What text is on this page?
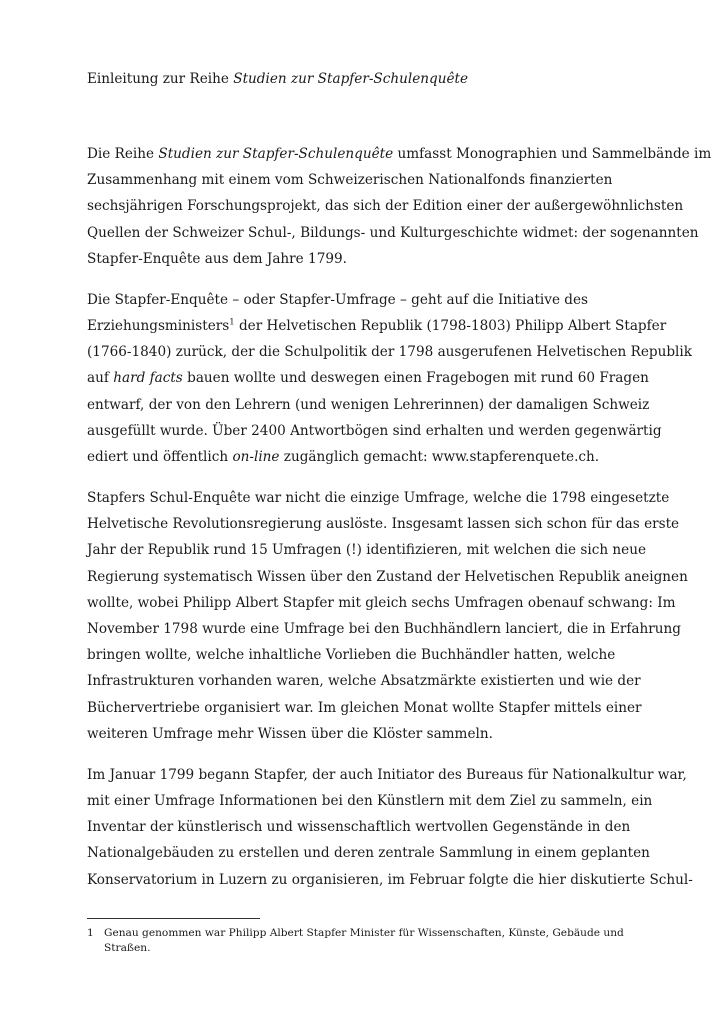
Einleitung zur Reihe Studien zur Stapfer-Schulenquête

Die Reihe Studien zur Stapfer-Schulenquête umfasst Monographien und Sammelbände im
Zusammenhang mit einem vom Schweizerischen Nationalfonds finanzierten
sechsjährigen Forschungsprojekt, das sich der Edition einer der außergewöhnlichsten
Quellen der Schweizer Schul-, Bildungs- und Kulturgeschichte widmet: der sogenannten
Stapfer-Enquête aus dem Jahre 1799.

Die Stapfer-Enquête – oder Stapfer-Umfrage – geht auf die Initiative des
Erziehungsministers$^1$ der Helvetischen Republik (1798-1803) Philipp Albert Stapfer
(1766-1840) zurück, der die Schulpolitik der 1798 ausgerufenen Helvetischen Republik
auf hard facts bauen wollte und deswegen einen Fragebogen mit rund 60 Fragen
entwarf, der von den Lehrern (und wenigen Lehrerinnen) der damaligen Schweiz
ausgefüllt wurde. Über 2400 Antwortbögen sind erhalten und werden gegenwärtig
ediert und öffentlich on-line zugänglich gemacht: www.stapferenquete.ch.

Stapfers Schul-Enquête war nicht die einzige Umfrage, welche die 1798 eingesetzte
Helvetische Revolutionsregierung auslöste. Insgesamt lassen sich schon für das erste
Jahr der Republik rund 15 Umfragen (!) identifizieren, mit welchen die sich neue
Regierung systematisch Wissen über den Zustand der Helvetischen Republik aneignen
wollte, wobei Philipp Albert Stapfer mit gleich sechs Umfragen obenauf schwang: Im
November 1798 wurde eine Umfrage bei den Buchhändlern lanciert, die in Erfahrung
bringen wollte, welche inhaltliche Vorlieben die Buchhändler hatten, welche
Infrastrukturen vorhanden waren, welche Absatzmärkte existierten und wie der
Büchervertriebe organisiert war. Im gleichen Monat wollte Stapfer mittels einer
weiteren Umfrage mehr Wissen über die Klöster sammeln.

Im Januar 1799 begann Stapfer, der auch Initiator des Bureaus für Nationalkultur war,
mit einer Umfrage Informationen bei den Künstlern mit dem Ziel zu sammeln, ein
Inventar der künstlerisch und wissenschaftlich wertvollen Gegenstände in den
Nationalgebäuden zu erstellen und deren zentrale Sammlung in einem geplanten
Konservatorium in Luzern zu organisieren, im Februar folgte die hier diskutierte Schul-

1 Genau genommen war Philipp Albert Stapfer Minister für Wissenschaften, Künste, Gebäude und
Straßen.
